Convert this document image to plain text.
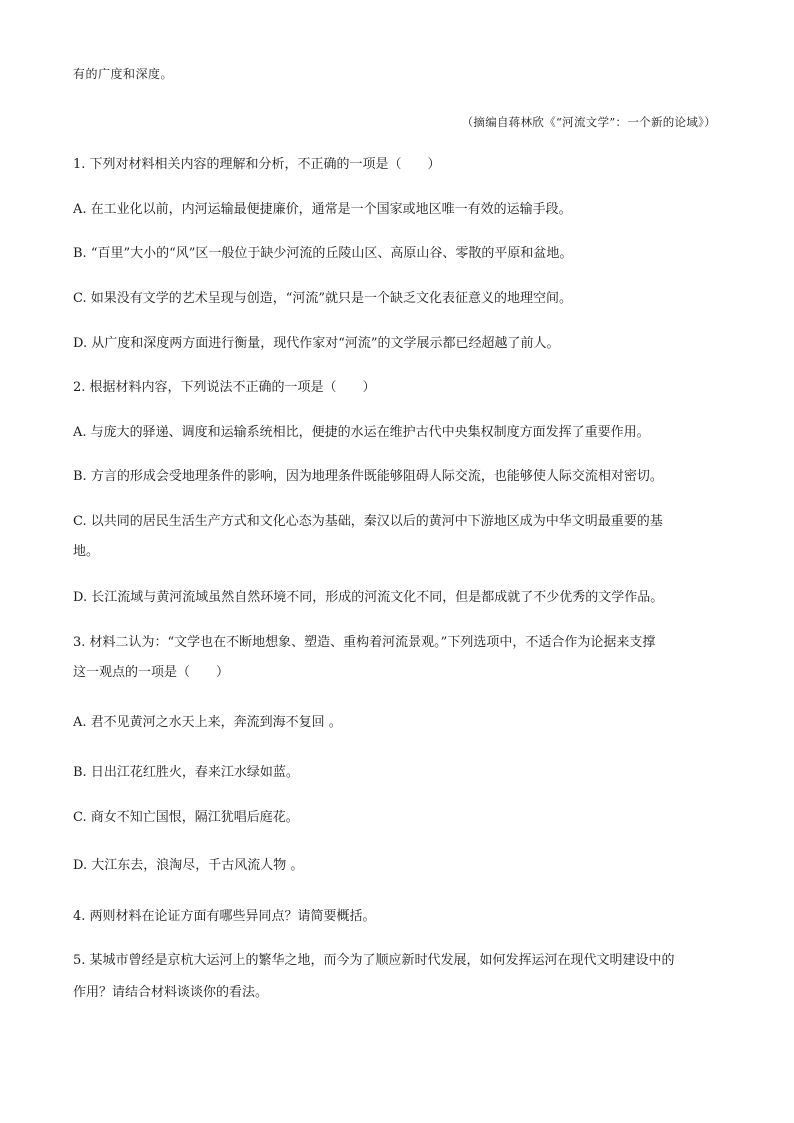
有的广度和深度。
（摘编自蒋林欣《“河流文学”：一个新的论域》）
1. 下列对材料相关内容的理解和分析，不正确的一项是（　　）
A. 在工业化以前，内河运输最便捷廉价，通常是一个国家或地区唯一有效的运输手段。
B. “百里”大小的“风”区一般位于缺少河流的丘陵山区、高原山谷、零散的平原和盆地。
C. 如果没有文学的艺术呈现与创造，“河流”就只是一个缺乏文化表征意义的地理空间。
D. 从广度和深度两方面进行衡量，现代作家对“河流”的文学展示都已经超越了前人。
2. 根据材料内容，下列说法不正确的一项是（　　）
A. 与庞大的驿递、调度和运输系统相比，便捷的水运在维护古代中央集权制度方面发挥了重要作用。
B. 方言的形成会受地理条件的影响，因为地理条件既能够阻碍人际交流，也能够使人际交流相对密切。
C. 以共同的居民生活生产方式和文化心态为基础，秦汉以后的黄河中下游地区成为中华文明最重要的基
地。
D. 长江流域与黄河流域虽然自然环境不同，形成的河流文化不同，但是都成就了不少优秀的文学作品。
3. 材料二认为：“文学也在不断地想象、塑造、重构着河流景观。”下列选项中，不适合作为论据来支撑
这一观点的一项是（　　）
A. 君不见黄河之水天上来，奔流到海不复回 。
B. 日出江花红胜火，春来江水绿如蓝。
C. 商女不知亡国恨，隔江犹唱后庭花。
D. 大江东去，浪淘尽，千古风流人物 。
4. 两则材料在论证方面有哪些异同点？请简要概括。
5. 某城市曾经是京杭大运河上的繁华之地，而今为了顺应新时代发展，如何发挥运河在现代文明建设中的
作用？请结合材料谈谈你的看法。
